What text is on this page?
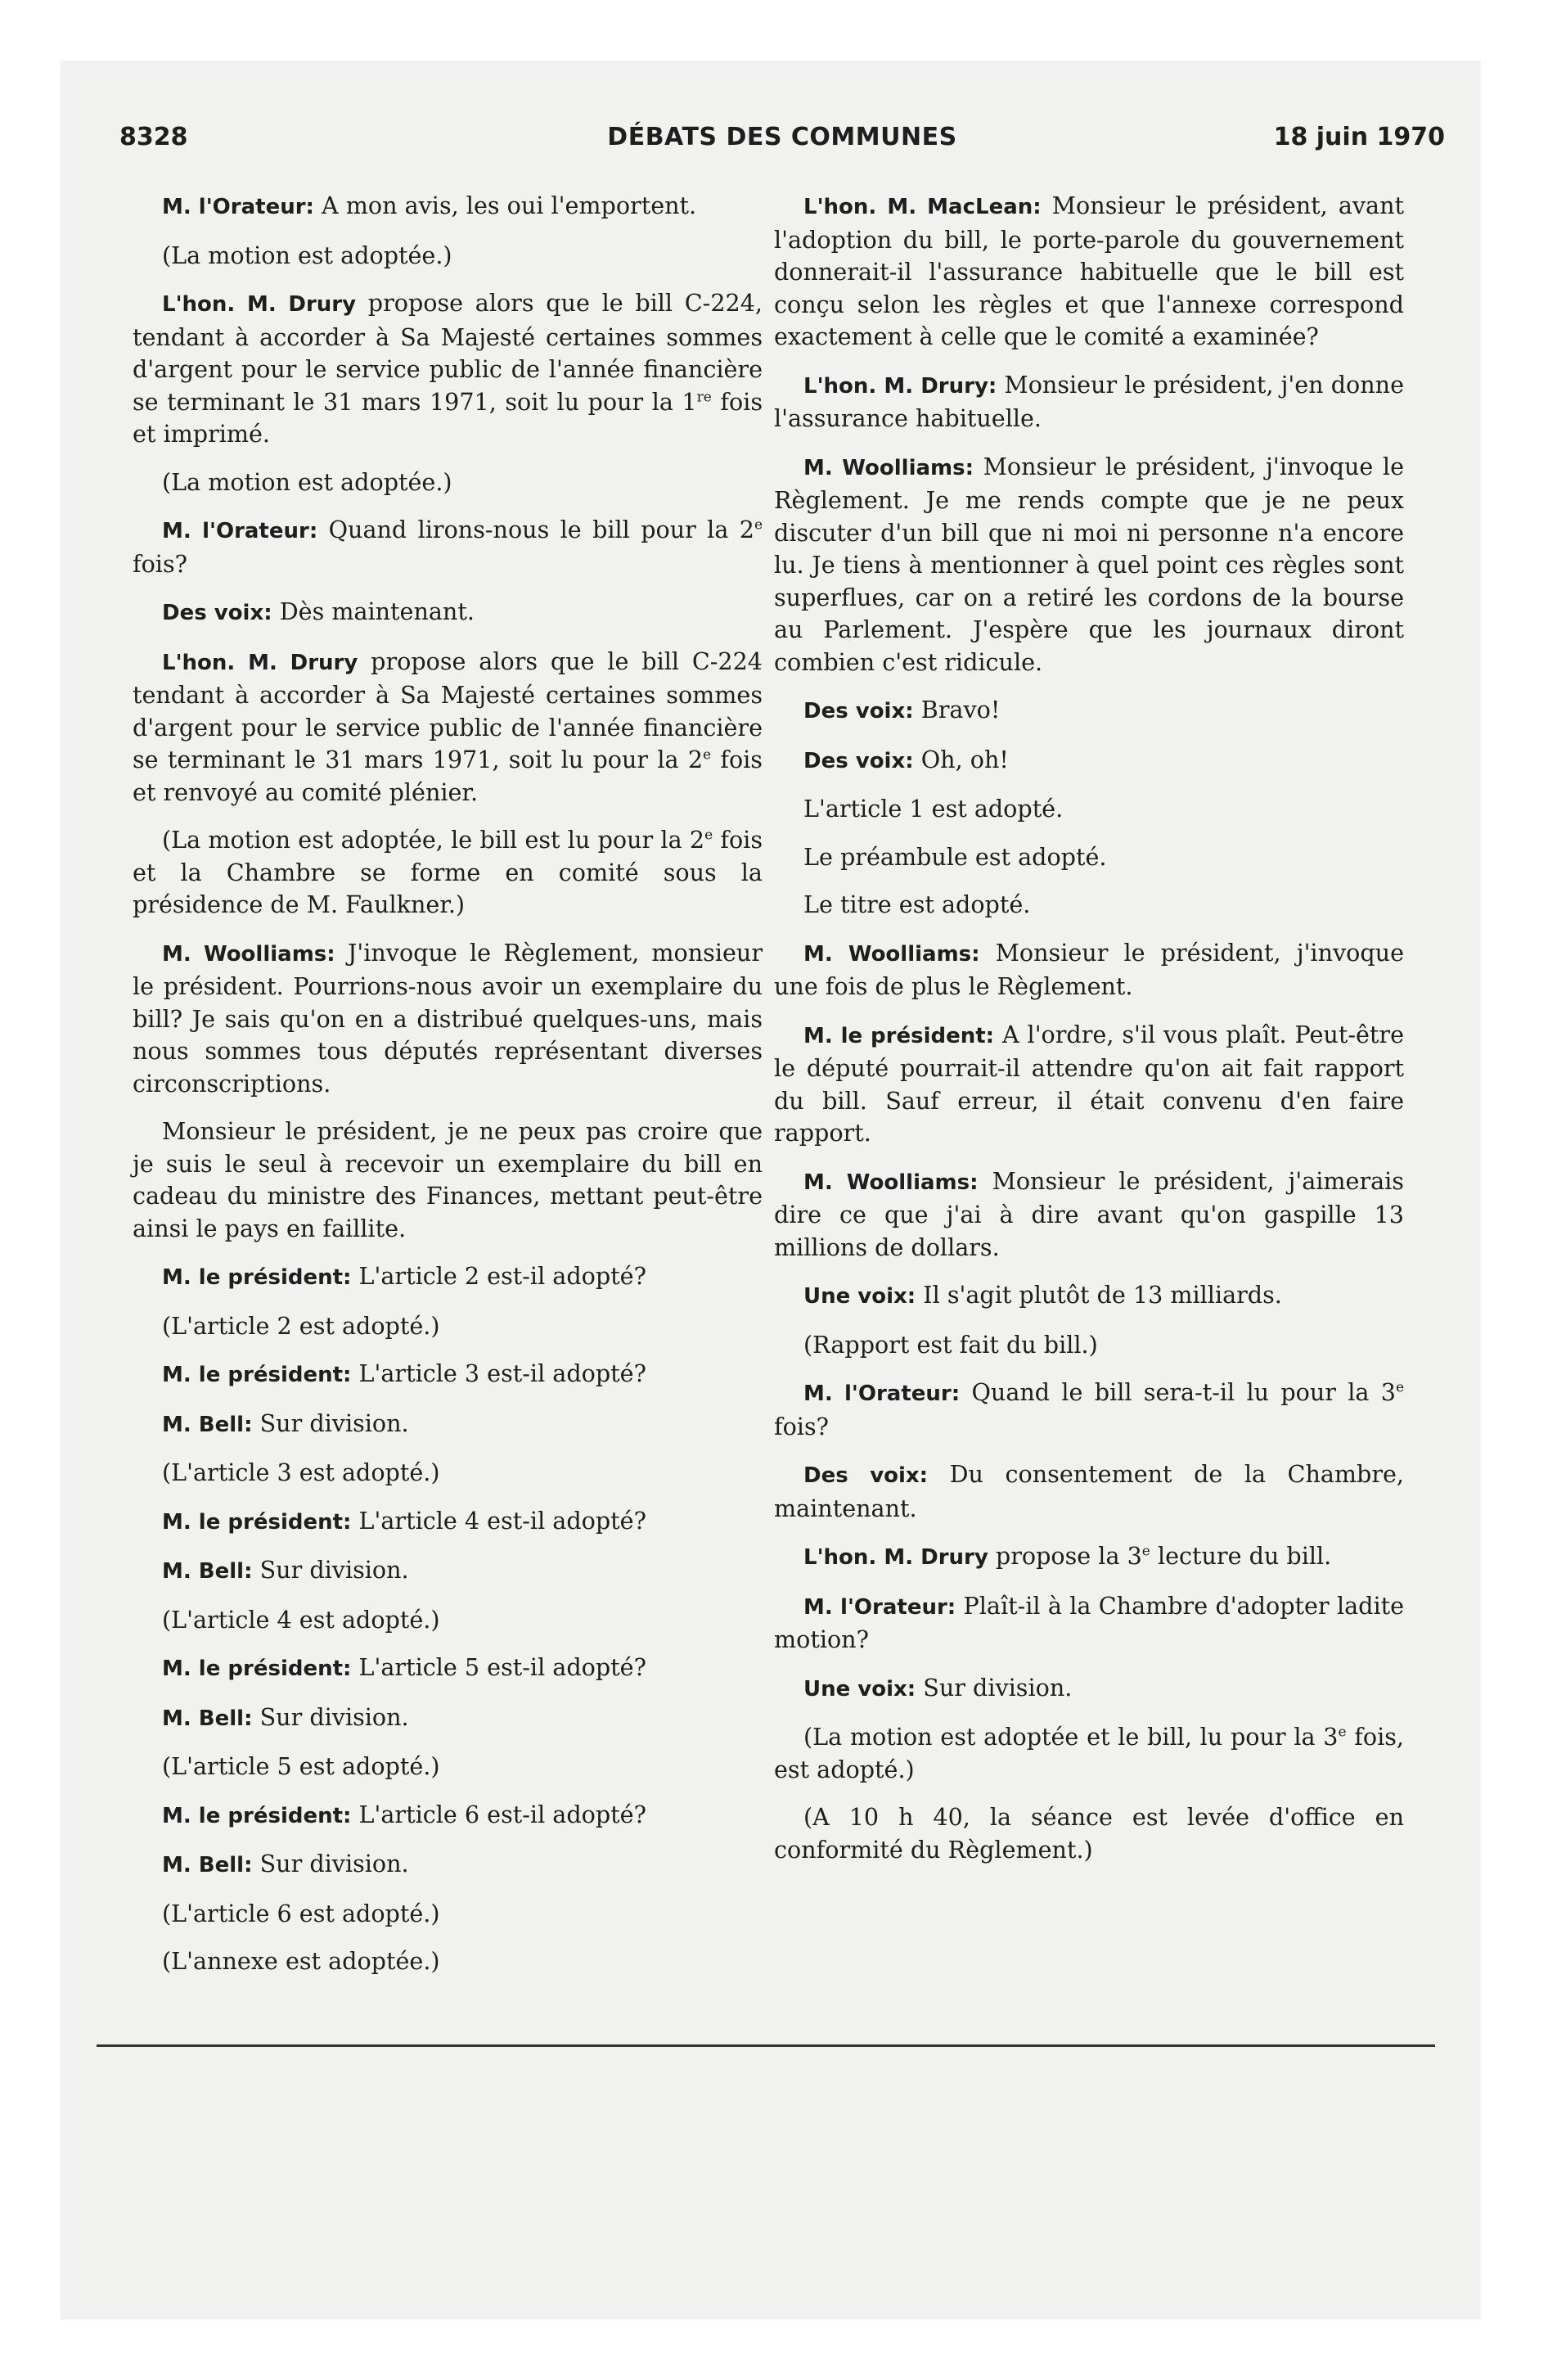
8328	DÉBATS DES COMMUNES	18 juin 1970

M. l'Orateur: A mon avis, les oui l'emportent.

(La motion est adoptée.)

L'hon. M. Drury propose alors que le bill C-224, tendant à accorder à Sa Majesté certaines sommes d'argent pour le service public de l'année financière se terminant le 31 mars 1971, soit lu pour la 1re fois et imprimé.

(La motion est adoptée.)

M. l'Orateur: Quand lirons-nous le bill pour la 2e fois?

Des voix: Dès maintenant.

L'hon. M. Drury propose alors que le bill C-224 tendant à accorder à Sa Majesté certaines sommes d'argent pour le service public de l'année financière se terminant le 31 mars 1971, soit lu pour la 2e fois et renvoyé au comité plénier.

(La motion est adoptée, le bill est lu pour la 2e fois et la Chambre se forme en comité sous la présidence de M. Faulkner.)

M. Woolliams: J'invoque le Règlement, monsieur le président. Pourrions-nous avoir un exemplaire du bill? Je sais qu'on en a distribué quelques-uns, mais nous sommes tous députés représentant diverses circonscriptions.

Monsieur le président, je ne peux pas croire que je suis le seul à recevoir un exemplaire du bill en cadeau du ministre des Finances, mettant peut-être ainsi le pays en faillite.

M. le président: L'article 2 est-il adopté?

(L'article 2 est adopté.)

M. le président: L'article 3 est-il adopté?

M. Bell: Sur division.

(L'article 3 est adopté.)

M. le président: L'article 4 est-il adopté?

M. Bell: Sur division.

(L'article 4 est adopté.)

M. le président: L'article 5 est-il adopté?

M. Bell: Sur division.

(L'article 5 est adopté.)

M. le président: L'article 6 est-il adopté?

M. Bell: Sur division.

(L'article 6 est adopté.)

(L'annexe est adoptée.)

L'hon. M. MacLean: Monsieur le président, avant l'adoption du bill, le porte-parole du gouvernement donnerait-il l'assurance habituelle que le bill est conçu selon les règles et que l'annexe correspond exactement à celle que le comité a examinée?

L'hon. M. Drury: Monsieur le président, j'en donne l'assurance habituelle.

M. Woolliams: Monsieur le président, j'invoque le Règlement. Je me rends compte que je ne peux discuter d'un bill que ni moi ni personne n'a encore lu. Je tiens à mentionner à quel point ces règles sont superflues, car on a retiré les cordons de la bourse au Parlement. J'espère que les journaux diront combien c'est ridicule.

Des voix: Bravo!

Des voix: Oh, oh!

L'article 1 est adopté.

Le préambule est adopté.

Le titre est adopté.

M. Woolliams: Monsieur le président, j'invoque une fois de plus le Règlement.

M. le président: A l'ordre, s'il vous plaît. Peut-être le député pourrait-il attendre qu'on ait fait rapport du bill. Sauf erreur, il était convenu d'en faire rapport.

M. Woolliams: Monsieur le président, j'aimerais dire ce que j'ai à dire avant qu'on gaspille 13 millions de dollars.

Une voix: Il s'agit plutôt de 13 milliards.

(Rapport est fait du bill.)

M. l'Orateur: Quand le bill sera-t-il lu pour la 3e fois?

Des voix: Du consentement de la Chambre, maintenant.

L'hon. M. Drury propose la 3e lecture du bill.

M. l'Orateur: Plaît-il à la Chambre d'adopter ladite motion?

Une voix: Sur division.

(La motion est adoptée et le bill, lu pour la 3e fois, est adopté.)

(A 10 h 40, la séance est levée d'office en conformité du Règlement.)
